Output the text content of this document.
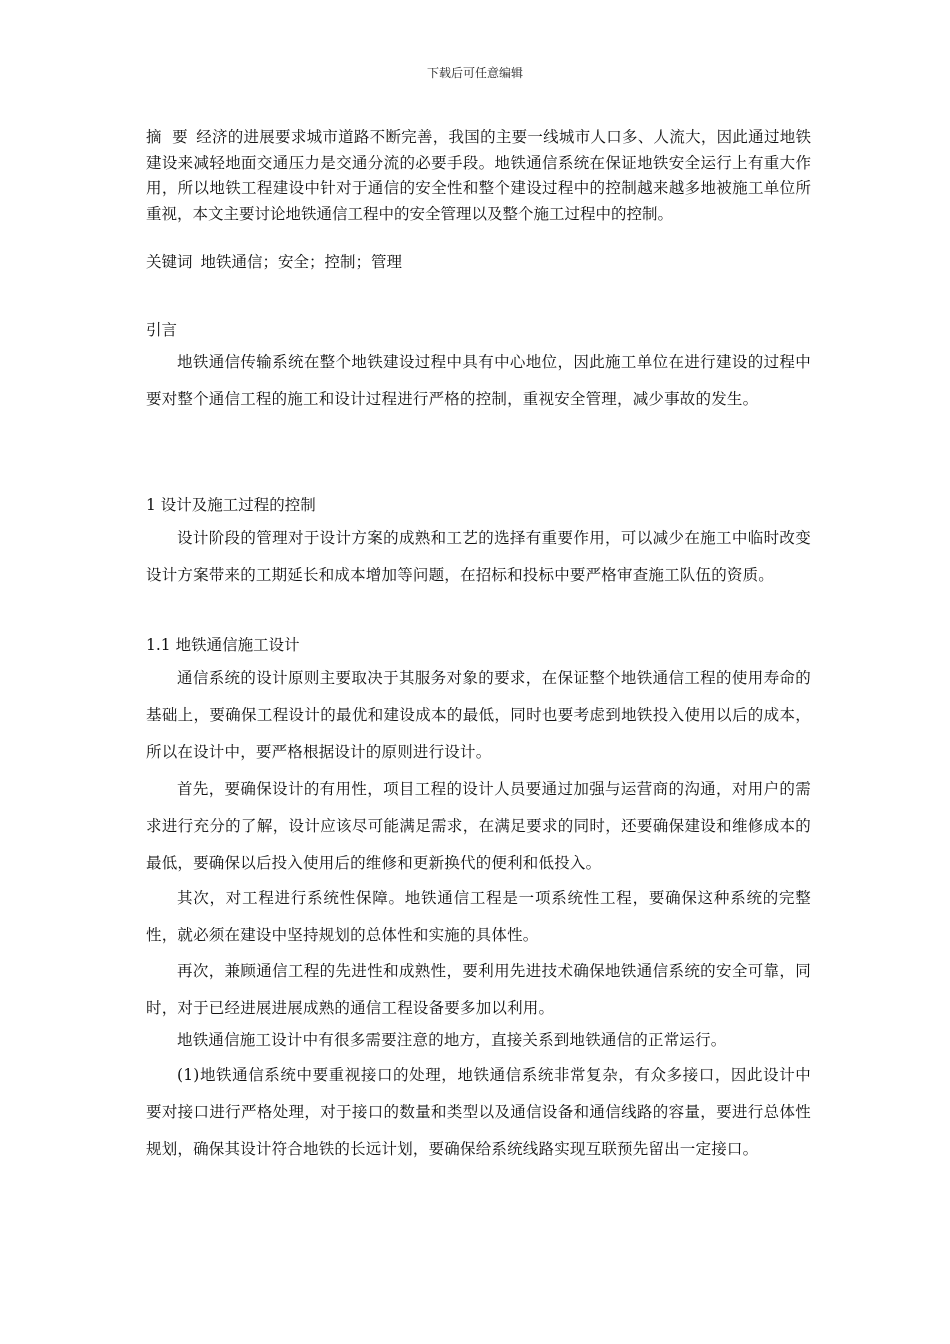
下载后可任意编辑
摘  要 经济的进展要求城市道路不断完善，我国的主要一线城市人口多、人流大，因此通过地铁建设来减轻地面交通压力是交通分流的必要手段。地铁通信系统在保证地铁安全运行上有重大作用，所以地铁工程建设中针对于通信的安全性和整个建设过程中的控制越来越多地被施工单位所重视，本文主要讨论地铁通信工程中的安全管理以及整个施工过程中的控制。
关键词 地铁通信；安全；控制；管理
引言
地铁通信传输系统在整个地铁建设过程中具有中心地位，因此施工单位在进行建设的过程中要对整个通信工程的施工和设计过程进行严格的控制，重视安全管理，减少事故的发生。
1 设计及施工过程的控制
设计阶段的管理对于设计方案的成熟和工艺的选择有重要作用，可以减少在施工中临时改变设计方案带来的工期延长和成本增加等问题，在招标和投标中要严格审查施工队伍的资质。
1.1 地铁通信施工设计
通信系统的设计原则主要取决于其服务对象的要求，在保证整个地铁通信工程的使用寿命的基础上，要确保工程设计的最优和建设成本的最低，同时也要考虑到地铁投入使用以后的成本，所以在设计中，要严格根据设计的原则进行设计。
首先，要确保设计的有用性，项目工程的设计人员要通过加强与运营商的沟通，对用户的需求进行充分的了解，设计应该尽可能满足需求，在满足要求的同时，还要确保建设和维修成本的最低，要确保以后投入使用后的维修和更新换代的便利和低投入。
其次，对工程进行系统性保障。地铁通信工程是一项系统性工程，要确保这种系统的完整性，就必须在建设中坚持规划的总体性和实施的具体性。
再次，兼顾通信工程的先进性和成熟性，要利用先进技术确保地铁通信系统的安全可靠，同时，对于已经进展进展成熟的通信工程设备要多加以利用。
地铁通信施工设计中有很多需要注意的地方，直接关系到地铁通信的正常运行。
(1)地铁通信系统中要重视接口的处理，地铁通信系统非常复杂，有众多接口，因此设计中要对接口进行严格处理，对于接口的数量和类型以及通信设备和通信线路的容量，要进行总体性规划，确保其设计符合地铁的长远计划，要确保给系统线路实现互联预先留出一定接口。
